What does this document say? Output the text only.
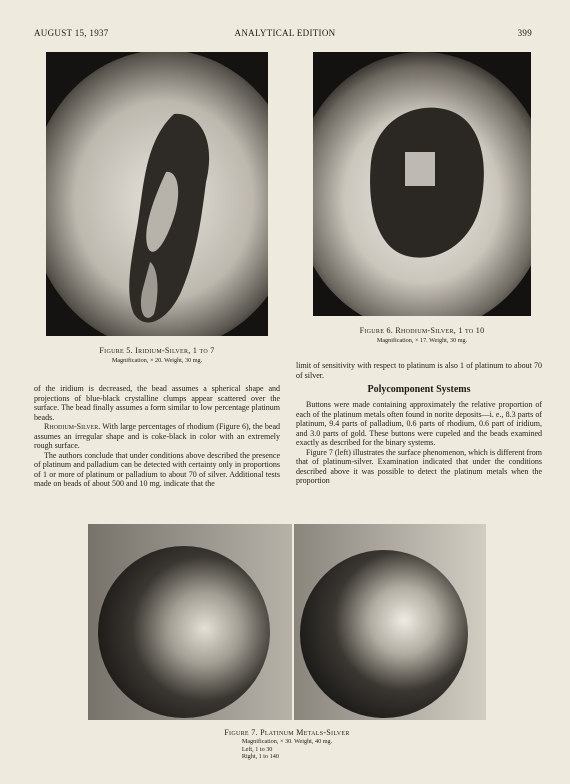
AUGUST 15, 1937	ANALYTICAL EDITION	399
Figure 6. Rhodium-Silver, 1 to 10
Magnification, × 17. Weight, 30 mg.
Figure 5. Iridium-Silver, 1 to 7
Magnification, × 20. Weight, 30 mg.

of the iridium is decreased, the bead assumes a spherical shape and projections of blue-black crystalline clumps appear scattered over the surface. The bead finally assumes a form similar to low percentage platinum beads.

Rhodium-Silver. With large percentages of rhodium (Figure 6), the bead assumes an irregular shape and is coke-black in color with an extremely rough surface.

The authors conclude that under conditions above described the presence of platinum and palladium can be detected with certainty only in proportions of 1 or more of platinum or palladium to about 70 of silver. Additional tests made on beads of about 500 and 10 mg. indicate that the

limit of sensitivity with respect to platinum is also 1 of platinum to about 70 of silver.

Polycomponent Systems

Buttons were made containing approximately the relative proportion of each of the platinum metals often found in norite deposits—i. e., 8.3 parts of platinum, 9.4 parts of palladium, 0.6 parts of rhodium, 0.6 part of iridium, and 3.0 parts of gold. These buttons were cupeled and the beads examined exactly as described for the binary systems.

Figure 7 (left) illustrates the surface phenomenon, which is different from that of platinum-silver. Examination indicated that under the conditions described above it was possible to detect the platinum metals when the proportion

Figure 7. Platinum Metals-Silver
Magnification, × 30. Weight, 40 mg.
Left, 1 to 30
Right, 1 to 140
